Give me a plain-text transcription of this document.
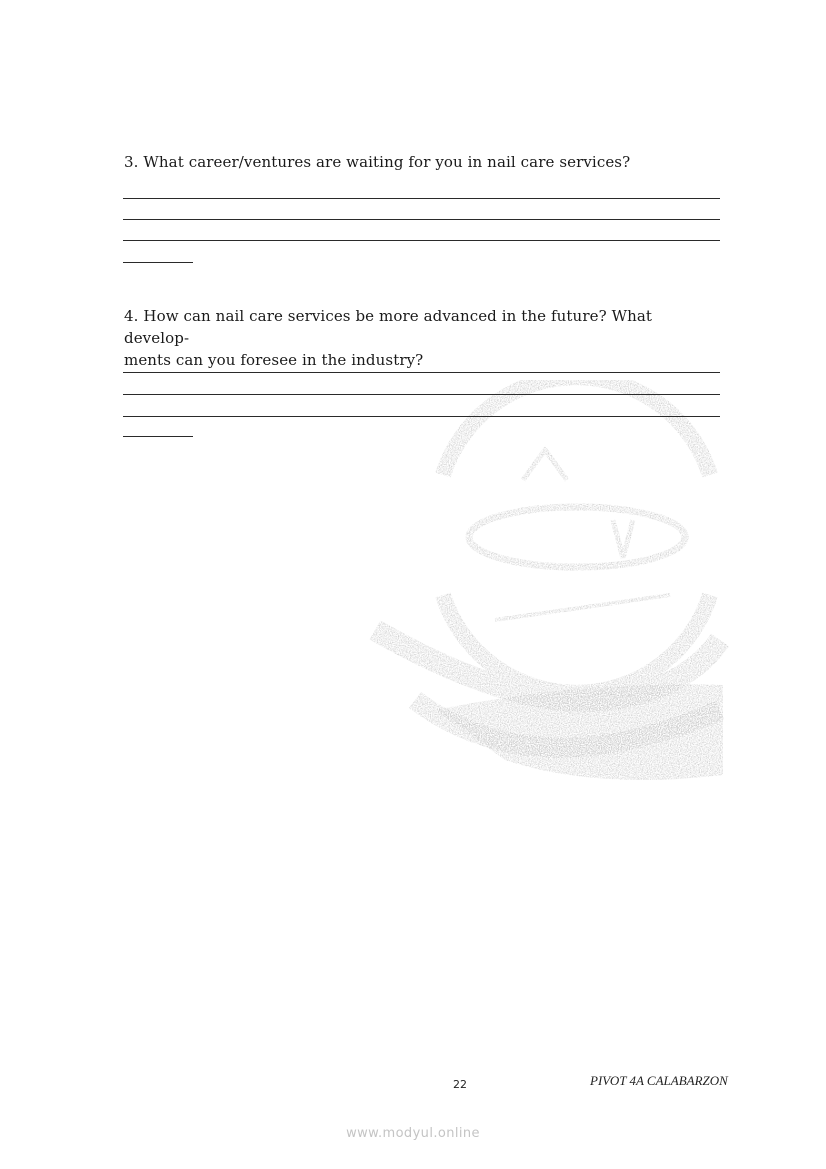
3. What career/ventures are waiting for you in nail care services?
4. How can nail care services be more advanced in the future? What develop-
ments can you foresee in the industry?
22	PIVOT 4A CALABARZON
www.modyul.online
